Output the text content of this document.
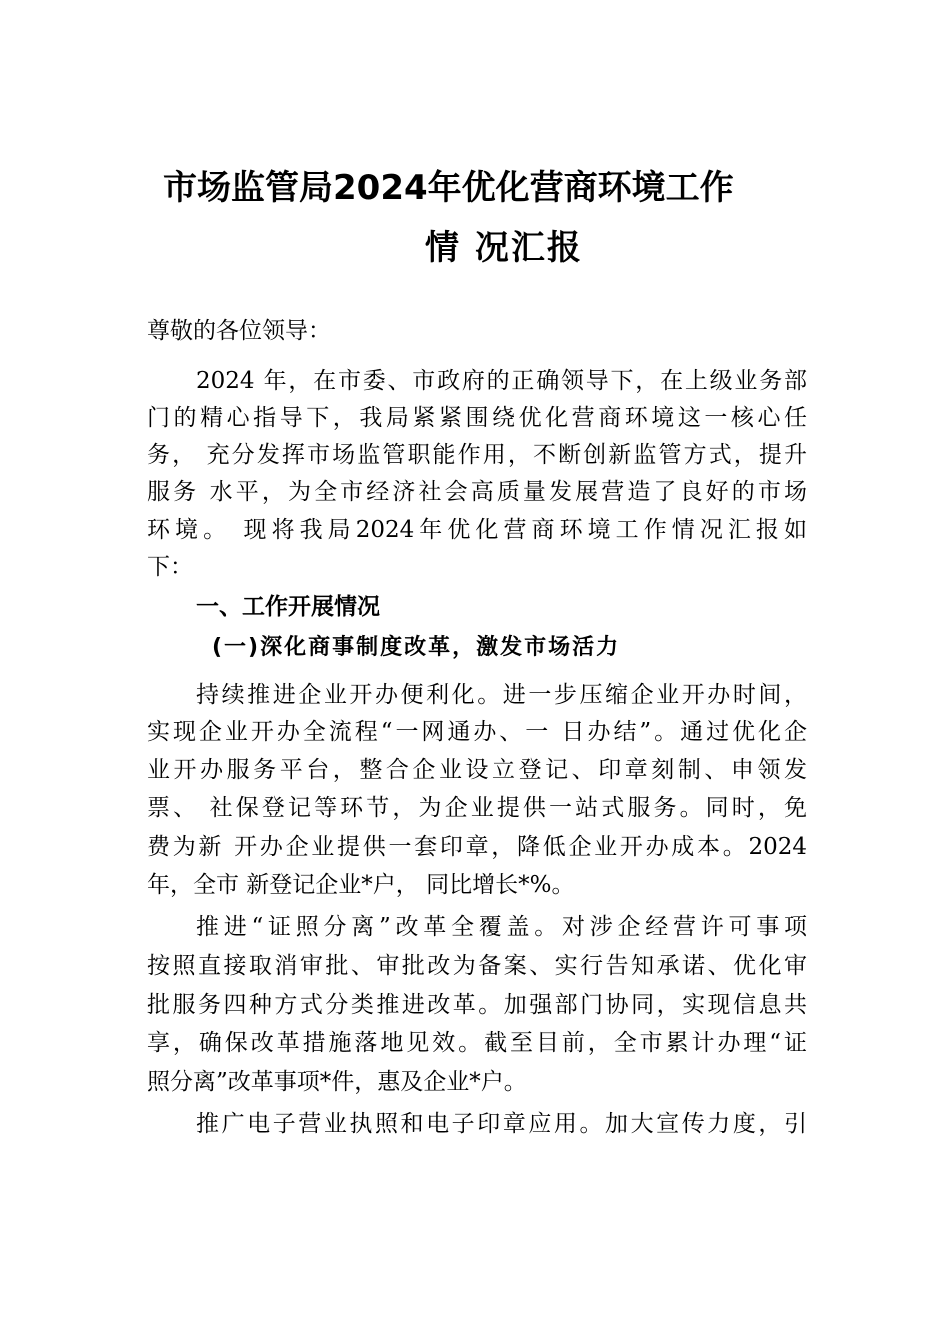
市场监管局2024年优化营商环境工作
情 况汇报
尊敬的各位领导：
2024 年，在市委、市政府的正确领导下，在上级业务部
门的精心指导下，我局紧紧围绕优化营商环境这一核心任
务， 充分发挥市场监管职能作用，不断创新监管方式，提升
服务 水平，为全市经济社会高质量发展营造了良好的市场
环境。 现将我局2024年优化营商环境工作情况汇报如
下：
一、工作开展情况
(一)深化商事制度改革，激发市场活力
持续推进企业开办便利化。进一步压缩企业开办时间，
实现企业开办全流程“一网通办、一 日办结”。通过优化企
业开办服务平台，整合企业设立登记、印章刻制、申领发
票、 社保登记等环节，为企业提供一站式服务。同时，免
费为新 开办企业提供一套印章，降低企业开办成本。2024
年，全市 新登记企业*户， 同比增长*%。
推进“证照分离”改革全覆盖。对涉企经营许可事项
按照直接取消审批、审批改为备案、实行告知承诺、优化审
批服务四种方式分类推进改革。加强部门协同，实现信息共
享，确保改革措施落地见效。截至目前，全市累计办理“证
照分离”改革事项*件，惠及企业*户。
推广电子营业执照和电子印章应用。加大宣传力度，引
